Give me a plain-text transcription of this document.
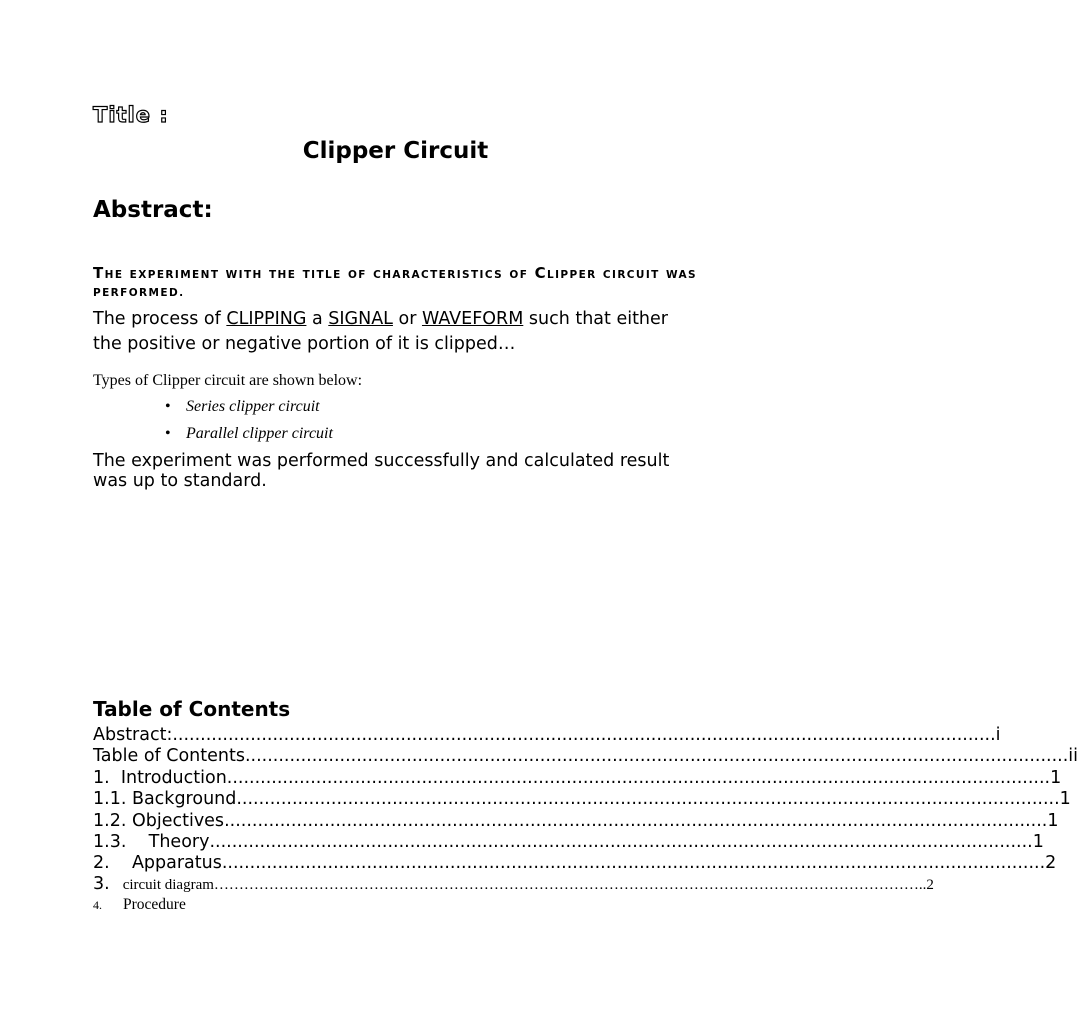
Title :
Clipper Circuit
Abstract:
THE EXPERIMENT WITH THE TITLE OF CHARACTERISTICS OF CLIPPER CIRCUIT WAS
PERFORMED.
The process of CLIPPING a SIGNAL or WAVEFORM such that either
the positive or negative portion of it is clipped…
Types of Clipper circuit are shown below:
• Series clipper circuit
• Parallel clipper circuit
The experiment was performed successfully and calculated result
was up to standard.
Table of Contents
Abstract: .................................................................................................................................................... i
Table of Contents .................................................................................................................................................... ii
1.  Introduction .................................................................................................................................................... 1
1.1. Background .................................................................................................................................................... 1
1.2. Objectives .................................................................................................................................................... 1
1.3.    Theory .................................................................................................................................................... 1
2.    Apparatus .................................................................................................................................................... 2
3. circuit diagram …………………………………………………………………………………………………………………………… ..2
4. Procedure
